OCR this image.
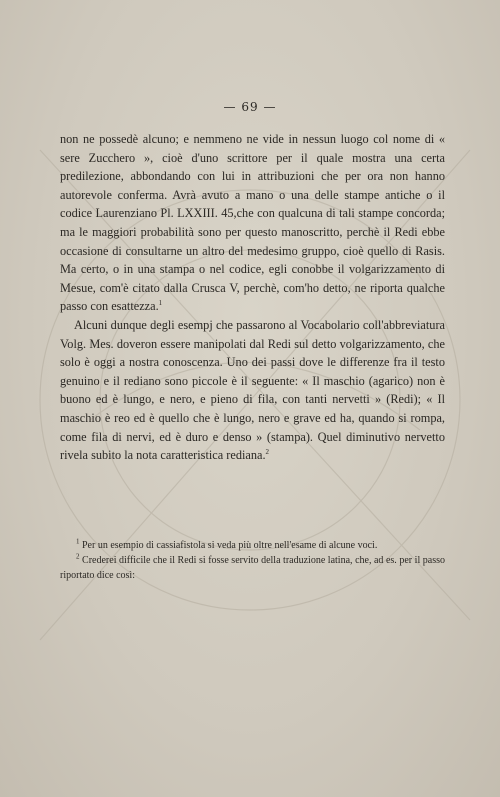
— 69 —

non ne possedè alcuno; e nemmeno ne vide in nessun luogo col nome di « sere Zucchero », cioè d'uno scrittore per il quale mostra una certa predilezione, abbondando con lui in attribuzioni che per ora non hanno autorevole conferma. Avrà avuto a mano o una delle stampe antiche o il codice Laurenziano Pl. LXXIII. 45,che con qualcuna di tali stampe concorda; ma le maggiori probabilità sono per questo manoscritto, perchè il Redi ebbe occasione di consultarne un altro del medesimo gruppo, cioè quello di Rasis. Ma certo, o in una stampa o nel codice, egli conobbe il volgarizzamento di Mesue, com'è citato dalla Crusca V, perchè, com'ho detto, ne riporta qualche passo con esattezza.$^1$

Alcuni dunque degli esempj che passarono al Vocabolario coll'abbreviatura Volg. Mes. doveron essere manipolati dal Redi sul detto volgarizzamento, che solo è oggi a nostra conoscenza. Uno dei passi dove le differenze fra il testo genuino e il rediano sono piccole è il seguente: « Il maschio (agarico) non è buono ed è lungo, e nero, e pieno di fila, con tanti nervetti » (Redi); « Il maschio è reo ed è quello che è lungo, nero e grave ed ha, quando si rompa, come fila di nervi, ed è duro e denso » (stampa). Quel diminutivo nervetto rivela subito la nota caratteristica rediana.$^2$

$^1$ Per un esempio di cassiafistola si veda più oltre nell'esame di alcune voci.

$^2$ Crederei difficile che il Redi si fosse servito della traduzione latina, che, ad es. per il passo riportato dice così:
